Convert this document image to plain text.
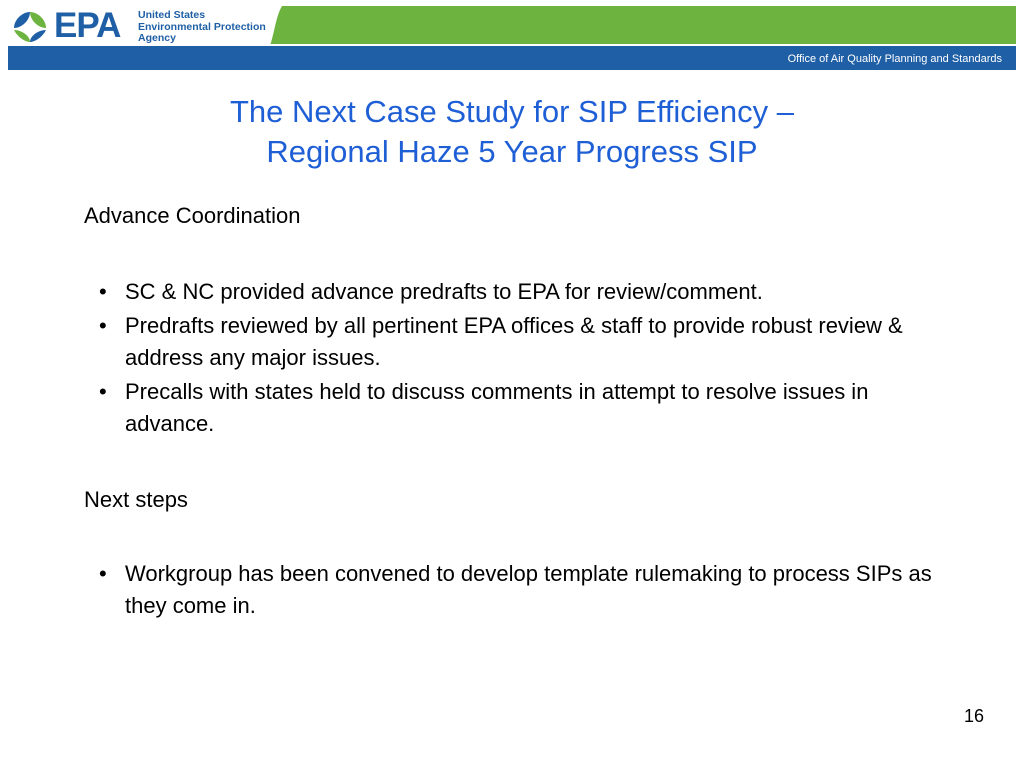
EPA United States
Environmental Protection
Agency
Office of Air Quality Planning and Standards
The Next Case Study for SIP Efficiency –
Regional Haze 5 Year Progress SIP

Advance Coordination

• SC & NC provided advance predrafts to EPA for review/comment.
• Predrafts reviewed by all pertinent EPA offices & staff to provide robust review & address any major issues.
• Precalls with states held to discuss comments in attempt to resolve issues in advance.

Next steps

• Workgroup has been convened to develop template rulemaking to process SIPs as they come in.
16
